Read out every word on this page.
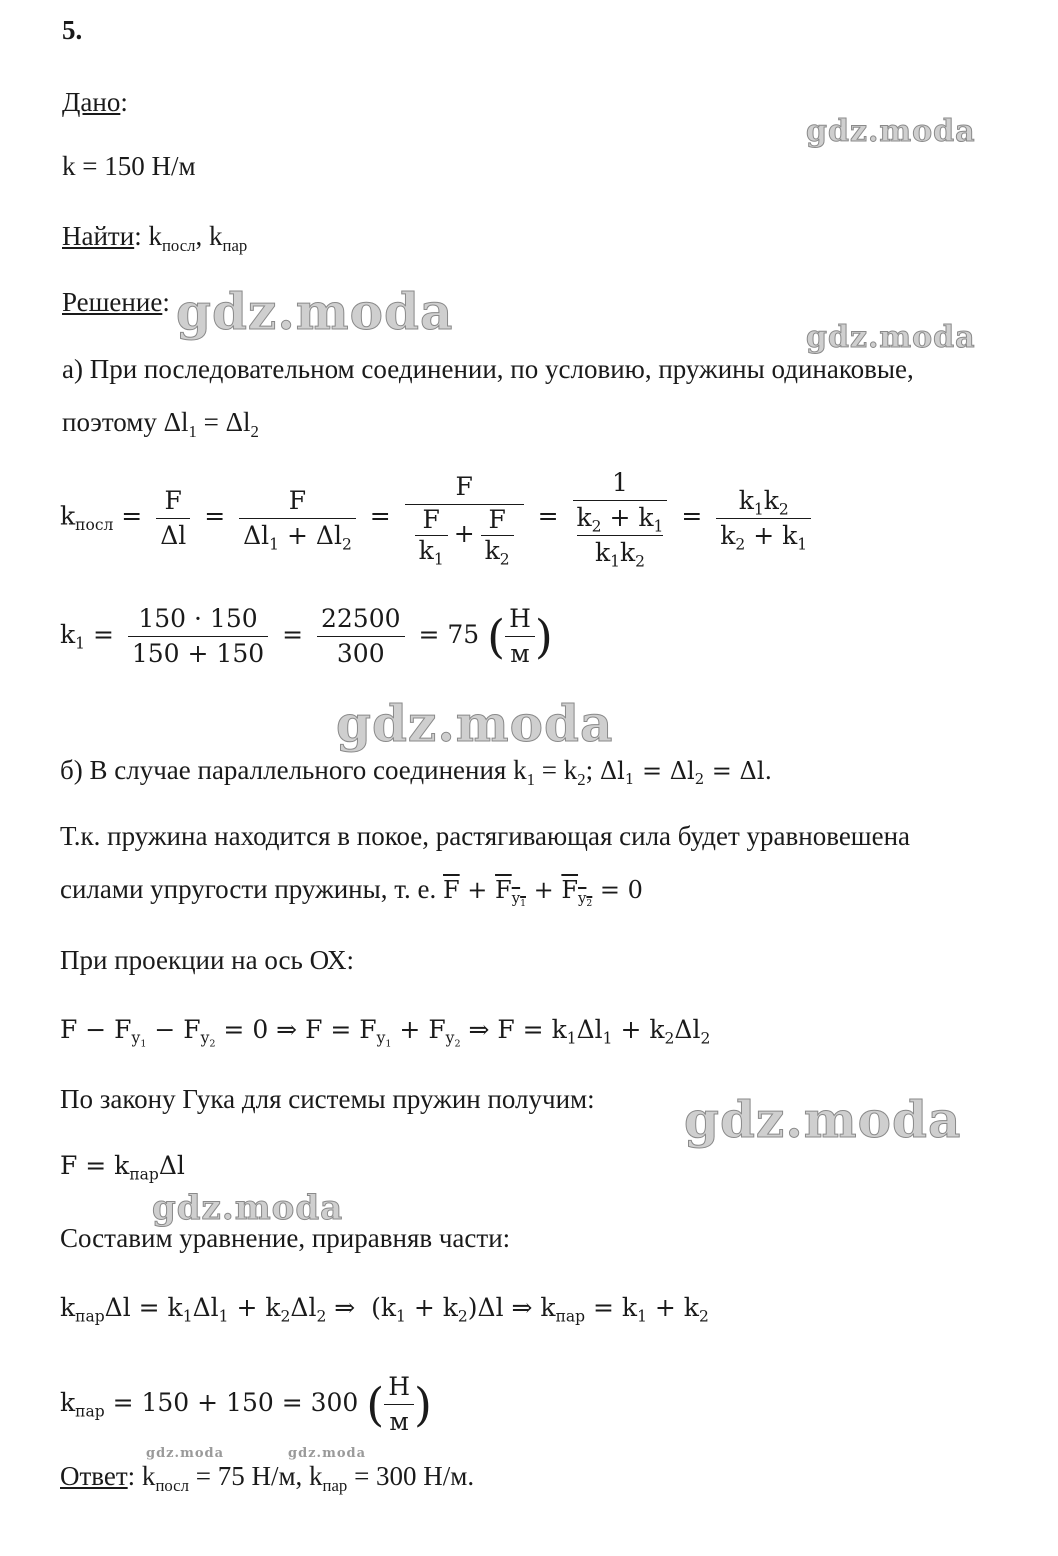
5.
Дано:
k = 150 Н/м
Найти: $k_{посл}$, $k_{пар}$
Решение:
а) При последовательном соединении, по условию, пружины одинаковые,
поэтому $\Delta l_1 = \Delta l_2$
$k_{посл} = \frac{F}{\Delta l} = \frac{F}{\Delta l_1 + \Delta l_2} = \frac{F}{\frac{F}{k_1} + \frac{F}{k_2}} = 1$
$k_2 + k_1$
$k_1k_2 = \frac{k_1k_2}{k_2 + k_1}$
$k_1 = \frac{150 \cdot 150}{150 + 150} = \frac{22500}{300} = 75$ ( $\frac{Н}{м}$ )
б) В случае параллельного соединения $k_1 = k_2$; $\Delta l_1 = \Delta l_2 = \Delta l$.
Т.к. пружина находится в покое, растягивающая сила будет уравновешена
силами упругости пружины, т. е. $\overline{F} + F_{y_1} + F_{y_2} = 0$
При проекции на ось ОХ:
$F - F_{y_1} - F_{y_2} = 0$ ⇒ $F = F_{y_1} + F_{y_2}$ ⇒ $F = k_1\Delta l_1 + k_2\Delta l_2$
По закону Гука для системы пружин получим:
$F = k_{пар}\Delta l$
Составим уравнение, приравняв части:
$k_{пар}\Delta l = k_1\Delta l_1 + k_2\Delta l_2$ ⇒  $(k_1 + k_2)\Delta l$ ⇒ $k_{пар} = k_1 + k_2$
$k_{пар} = 150 + 150 = 300$ ( $\frac{Н}{м}$ )
Ответ: $k_{посл} = 75$ Н/м, $k_{пар} = 300$ Н/м.
gdz.moda
gdz.moda	gdz.moda
gdz.moda
gdz.moda
gdz.moda
gdz.moda	gdz.moda
